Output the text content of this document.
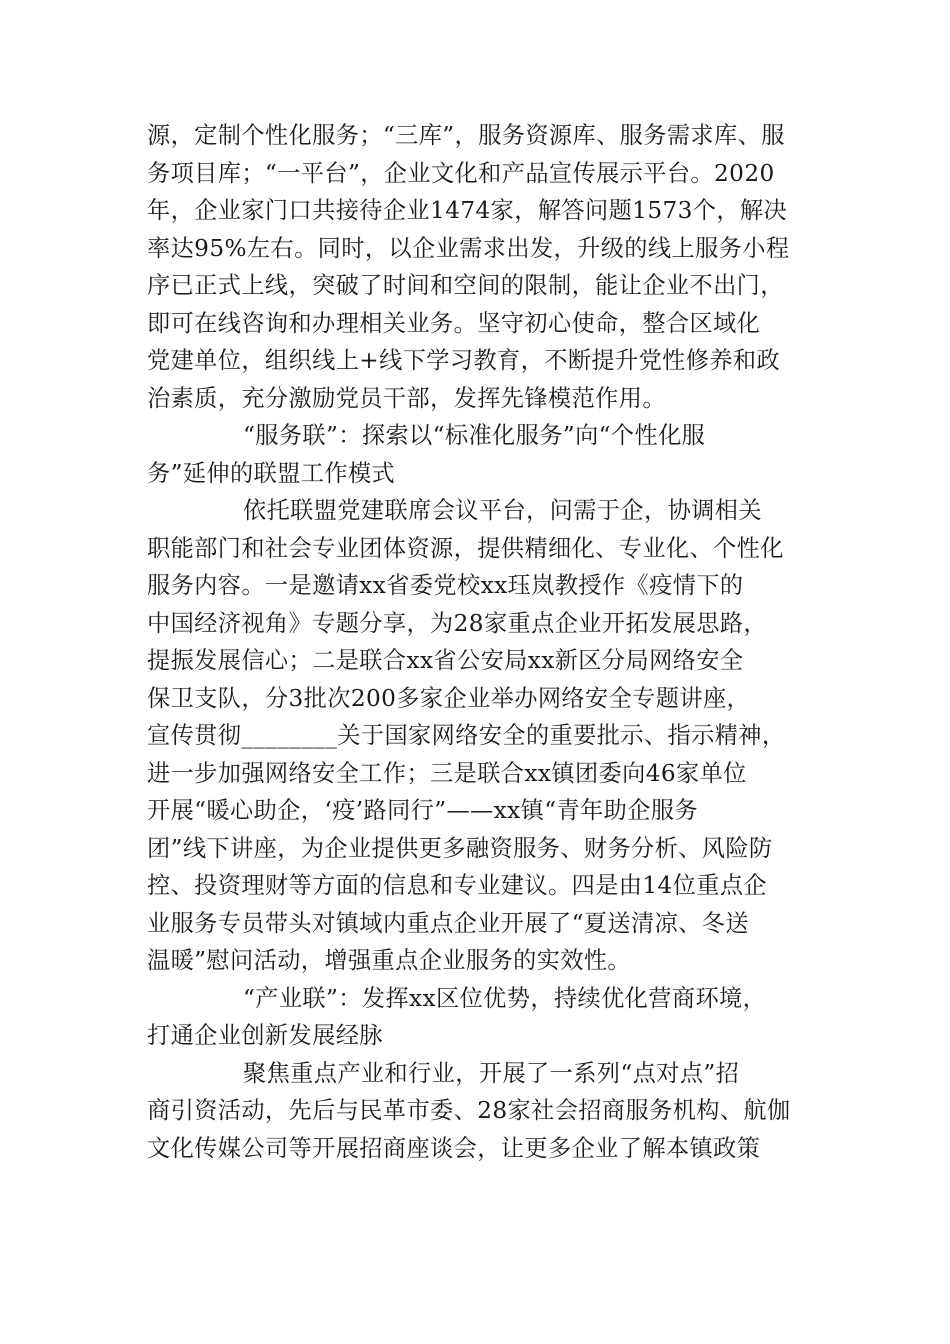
源，定制个性化服务；“三库”，服务资源库、服务需求库、服
务项目库；“一平台”，企业文化和产品宣传展示平台。2020
年，企业家门口共接待企业1474家，解答问题1573个，解决
率达95%左右。同时，以企业需求出发，升级的线上服务小程
序已正式上线，突破了时间和空间的限制，能让企业不出门，
即可在线咨询和办理相关业务。坚守初心使命，整合区域化
党建单位，组织线上+线下学习教育，不断提升党性修养和政
治素质，充分激励党员干部，发挥先锋模范作用。
“服务联”：探索以“标准化服务”向“个性化服
务”延伸的联盟工作模式
依托联盟党建联席会议平台，问需于企，协调相关
职能部门和社会专业团体资源，提供精细化、专业化、个性化
服务内容。一是邀请xx省委党校xx珏岚教授作《疫情下的
中国经济视角》专题分享，为28家重点企业开拓发展思路，
提振发展信心；二是联合xx省公安局xx新区分局网络安全
保卫支队，分3批次200多家企业举办网络安全专题讲座，
宣传贯彻________关于国家网络安全的重要批示、指示精神，
进一步加强网络安全工作；三是联合xx镇团委向46家单位
开展“暖心助企，‘疫’路同行”——xx镇“青年助企服务
团”线下讲座，为企业提供更多融资服务、财务分析、风险防
控、投资理财等方面的信息和专业建议。四是由14位重点企
业服务专员带头对镇域内重点企业开展了“夏送清凉、冬送
温暖”慰问活动，增强重点企业服务的实效性。
“产业联”：发挥xx区位优势，持续优化营商环境，
打通企业创新发展经脉
聚焦重点产业和行业，开展了一系列“点对点”招
商引资活动，先后与民革市委、28家社会招商服务机构、航伽
文化传媒公司等开展招商座谈会，让更多企业了解本镇政策
